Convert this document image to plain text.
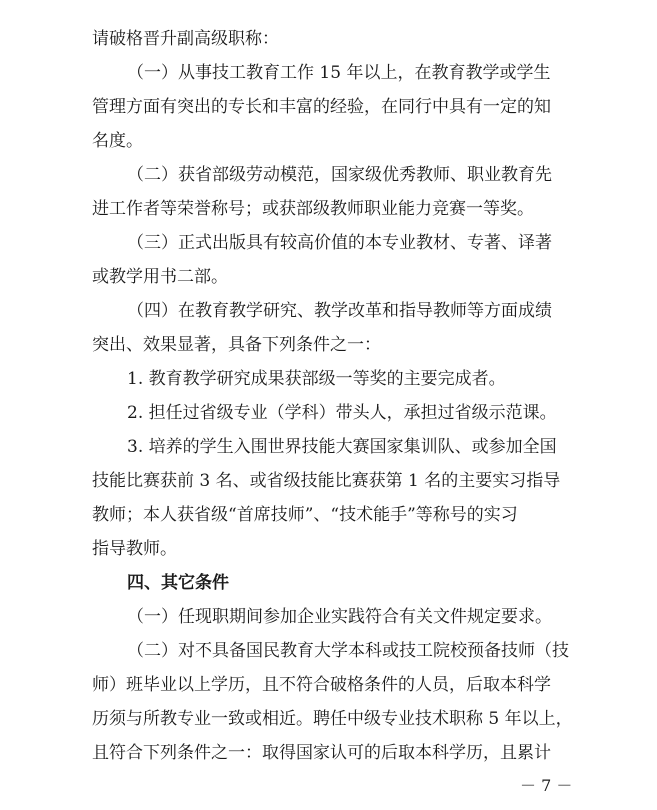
请破格晋升副高级职称：
（一）从事技工教育工作 15 年以上，在教育教学或学生
管理方面有突出的专长和丰富的经验，在同行中具有一定的知
名度。
（二）获省部级劳动模范，国家级优秀教师、职业教育先
进工作者等荣誉称号；或获部级教师职业能力竞赛一等奖。
（三）正式出版具有较高价值的本专业教材、专著、译著
或教学用书二部。
（四）在教育教学研究、教学改革和指导教师等方面成绩
突出、效果显著，具备下列条件之一：
1. 教育教学研究成果获部级一等奖的主要完成者。
2. 担任过省级专业（学科）带头人，承担过省级示范课。
3. 培养的学生入围世界技能大赛国家集训队、或参加全国
技能比赛获前 3 名、或省级技能比赛获第 1 名的主要实习指导
教师；本人获省级“首席技师”、“技术能手”等称号的实习
指导教师。
四、其它条件
（一）任现职期间参加企业实践符合有关文件规定要求。
（二）对不具备国民教育大学本科或技工院校预备技师（技
师）班毕业以上学历，且不符合破格条件的人员，后取本科学
历须与所教专业一致或相近。聘任中级专业技术职称 5 年以上，
且符合下列条件之一：取得国家认可的后取本科学历，且累计
－ 7 －
